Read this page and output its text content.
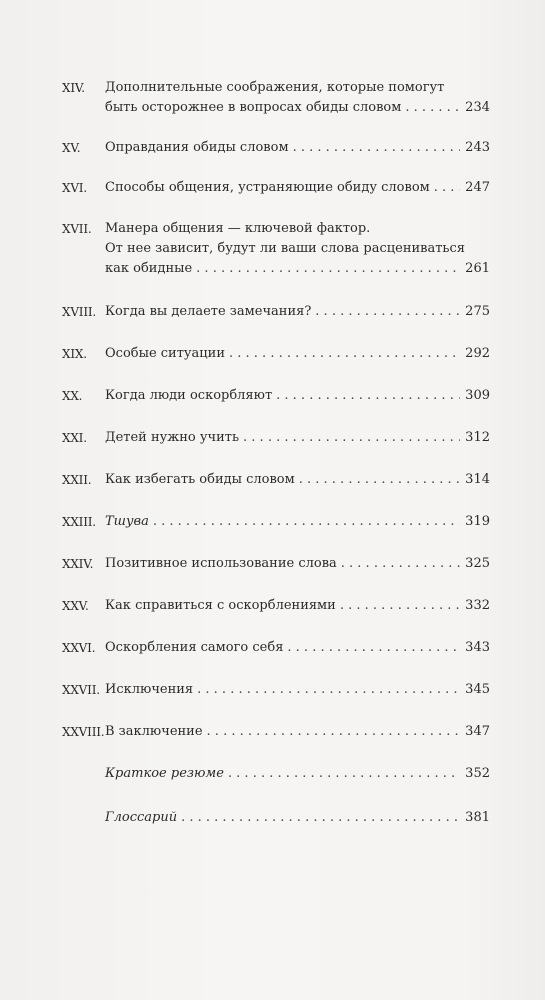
XIV.	Дополнительные соображения, которые помогут
быть осторожнее в вопросах обиды словом . . .	234
XV.	Оправдания обиды словом . . .	243
XVI.	Способы общения, устраняющие обиду словом . . .	247
XVII.	Манера общения — ключевой фактор.
От нее зависит, будут ли ваши слова расцениваться
как обидные . . .	261
XVIII. Когда вы делаете замечания? . . .	275
XIX.	Особые ситуации . . .	292
XX.	Когда люди оскорбляют . . .	309
XXI.	Детей нужно учить . . .	312
XXII.	Как избегать обиды словом . . .	314
XXIII. Тшува . . .	319
XXIV. Позитивное использование слова . . .	325
XXV.	Как справиться с оскорблениями . . .	332
XXVI. Оскорбления самого себя . . .	343
XXVII. Исключения . . .	345
XXVIII. В заключение . . .	347
Краткое резюме . . .	352
Глоссарий . . .	381
